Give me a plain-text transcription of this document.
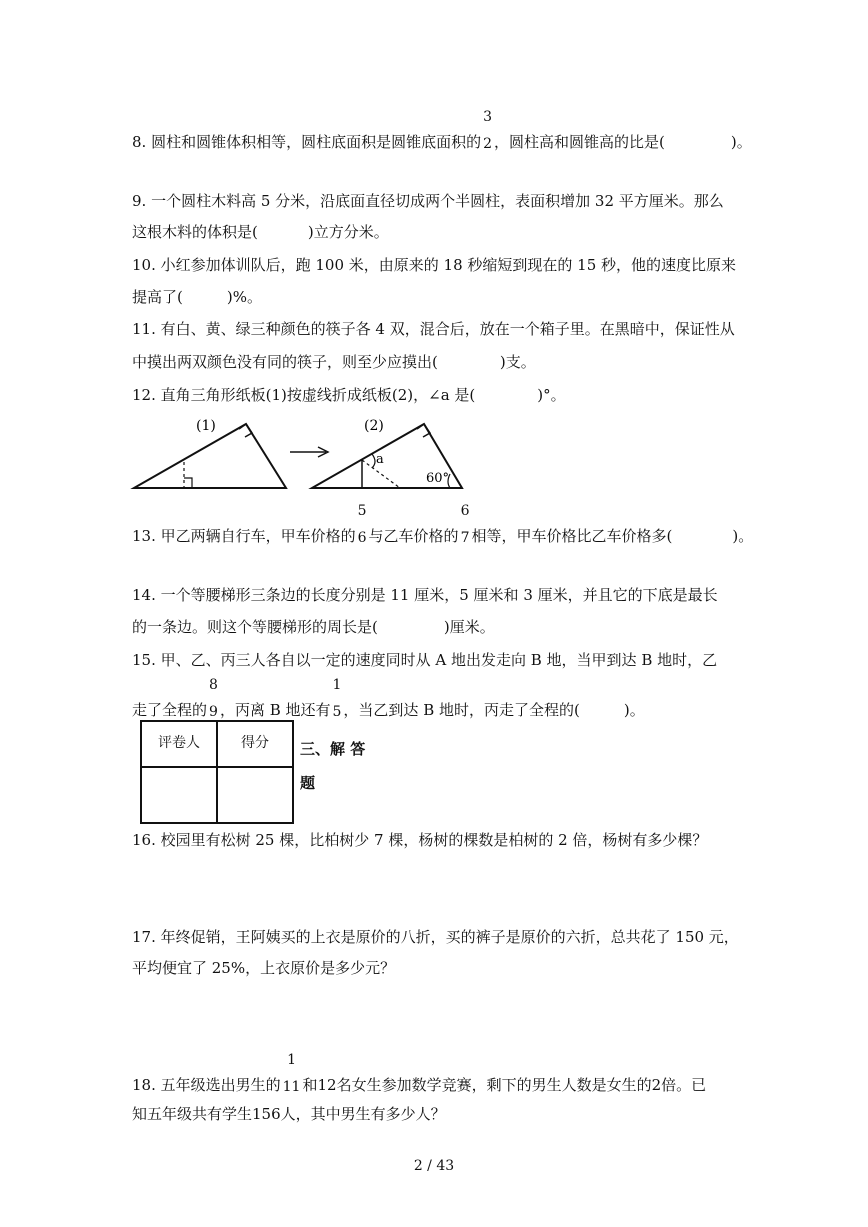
8. 圆柱和圆锥体积相等，圆柱底面积是圆锥底面积的
3
2 ，圆柱高和圆锥高的比是(	)。
9. 一个圆柱木料高 5 分米，沿底面直径切成两个半圆柱，表面积增加 32 平方厘米。那么
这根木料的体积是(	)立方分米。
10. 小红参加体训队后，跑 100 米，由原来的 18 秒缩短到现在的 15 秒，他的速度比原来
提高了(	)%。
11. 有白、黄、绿三种颜色的筷子各 4 双，混合后，放在一个箱子里。在黑暗中，保证性从
中摸出两双颜色没有同的筷子，则至少应摸出(	)支。
12. 直角三角形纸板(1)按虚线折成纸板(2)，∠a 是(	)°。
(1)
a
60°
(2)
13. 甲乙两辆自行车，甲车价格的
5
6 与乙车价格的
6
7 相等，甲车价格比乙车价格多(	)。
14. 一个等腰梯形三条边的长度分别是 11 厘米，5 厘米和 3 厘米，并且它的下底是最长
的一条边。则这个等腰梯形的周长是(	)厘米。
15. 甲、乙、丙三人各自以一定的速度同时从 A 地出发走向 B 地，当甲到达 B 地时，乙
走了全程的
8
9 ，丙离 B 地还有
1
5 ，当乙到达 B 地时，丙走了全程的(	)。
评卷人	得分
	三、解 答
题
16. 校园里有松树 25 棵，比柏树少 7 棵，杨树的棵数是柏树的 2 倍，杨树有多少棵？
17. 年终促销，王阿姨买的上衣是原价的八折，买的裤子是原价的六折，总共花了 150 元，
平均便宜了 25%，上衣原价是多少元？
18. 五年级选出男生的
1
11 和12名女生参加数学竞赛，剩下的男生人数是女生的2倍。已
知五年级共有学生156人，其中男生有多少人？
2 / 43
